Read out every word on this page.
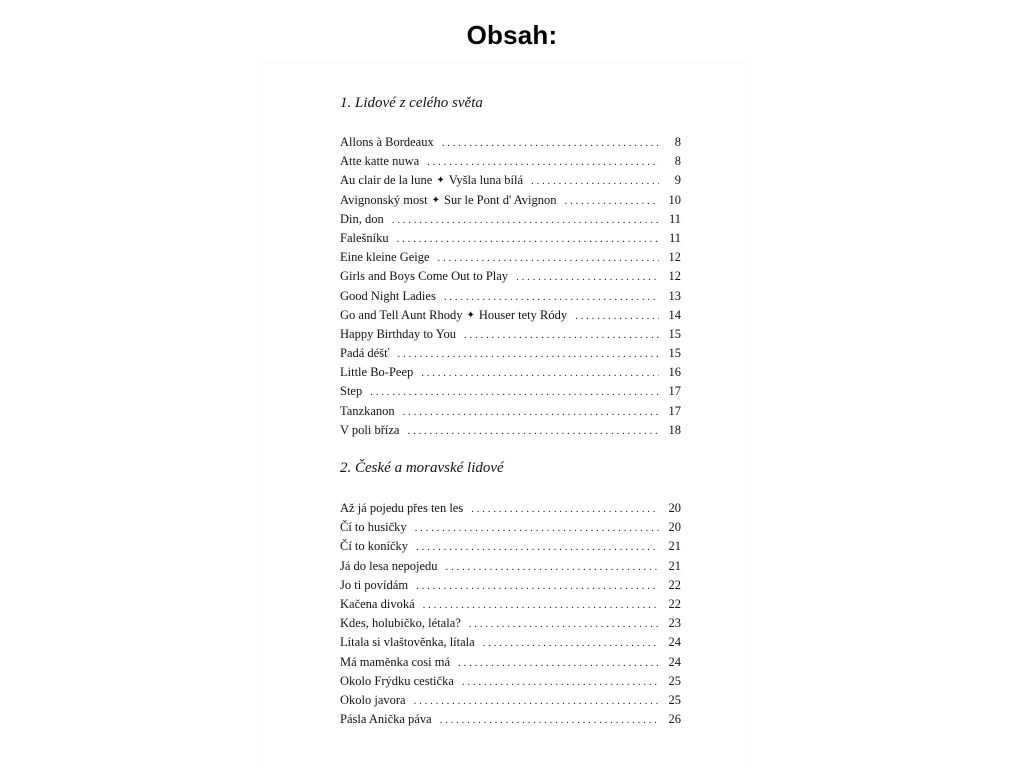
Obsah:
1. Lidové z celého světa
Allons à Bordeaux . . .	8
Atte katte nuwa . . .	8
Au clair de la lune ✦ Vyšla luna bílá . . .	9
Avignonský most ✦ Sur le Pont d' Avignon . . .	10
Din, don . . .	11
Falešníku . . .	11
Eine kleine Geige . . .	12
Girls and Boys Come Out to Play . . .	12
Good Night Ladies . . .	13
Go and Tell Aunt Rhody ✦ Houser tety Ródy . . .	14
Happy Birthday to You . . .	15
Padá déšť . . .	15
Little Bo-Peep . . .	16
Step . . .	17
Tanzkanon . . .	17
V poli bříza . . .	18
2. České a moravské lidové
Až já pojedu přes ten les . . .	20
Čí to husičky . . .	20
Čí to koníčky . . .	21
Já do lesa nepojedu . . .	21
Jo ti povídám . . .	22
Kačena divoká . . .	22
Kdes, holubičko, létala? . . .	23
Lítala si vlaštověnka, lítala . . .	24
Má maměnka cosi má . . .	24
Okolo Frýdku cestička . . .	25
Okolo javora . . .	25
Pásla Anička páva . . .	26
